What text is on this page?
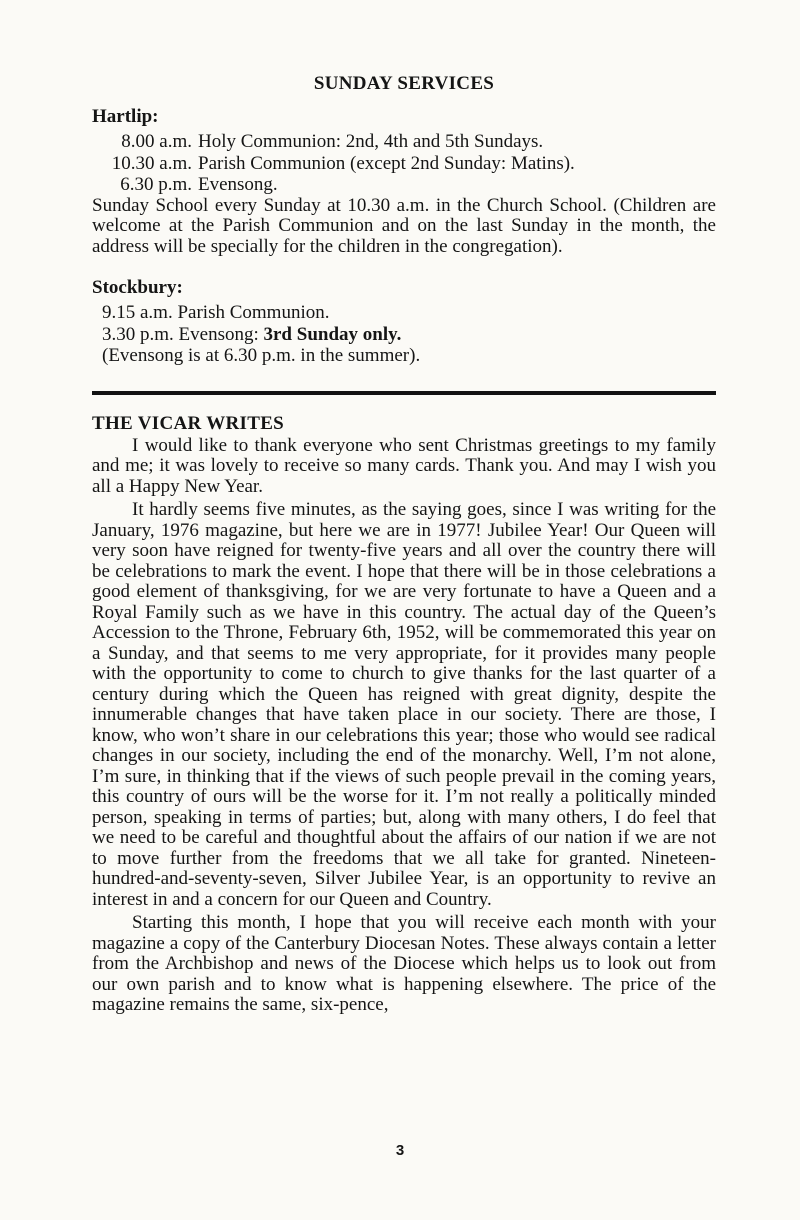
SUNDAY SERVICES
Hartlip:
8.00 a.m. Holy Communion: 2nd, 4th and 5th Sundays.
10.30 a.m. Parish Communion (except 2nd Sunday: Matins).
6.30 p.m. Evensong.

Sunday School every Sunday at 10.30 a.m. in the Church School. (Children are welcome at the Parish Communion and on the last Sunday in the month, the address will be specially for the children in the congregation).

Stockbury:
9.15 a.m. Parish Communion.
3.30 p.m. Evensong: 3rd Sunday only.
(Evensong is at 6.30 p.m. in the summer).
THE VICAR WRITES

I would like to thank everyone who sent Christmas greetings to my family and me; it was lovely to receive so many cards. Thank you. And may I wish you all a Happy New Year.

It hardly seems five minutes, as the saying goes, since I was writing for the January, 1976 magazine, but here we are in 1977! Jubilee Year! Our Queen will very soon have reigned for twenty-five years and all over the country there will be celebrations to mark the event. I hope that there will be in those celebrations a good element of thanksgiving, for we are very fortunate to have a Queen and a Royal Family such as we have in this country. The actual day of the Queen’s Accession to the Throne, February 6th, 1952, will be commemorated this year on a Sunday, and that seems to me very appropriate, for it provides many people with the opportunity to come to church to give thanks for the last quarter of a century during which the Queen has reigned with great dignity, despite the innumerable changes that have taken place in our society. There are those, I know, who won’t share in our celebrations this year; those who would see radical changes in our society, including the end of the monarchy. Well, I’m not alone, I’m sure, in thinking that if the views of such people prevail in the coming years, this country of ours will be the worse for it. I’m not really a politically minded person, speaking in terms of parties; but, along with many others, I do feel that we need to be careful and thoughtful about the affairs of our nation if we are not to move further from the freedoms that we all take for granted. Nineteen-hundred-and-seventy-seven, Silver Jubilee Year, is an opportunity to revive an interest in and a concern for our Queen and Country.

Starting this month, I hope that you will receive each month with your magazine a copy of the Canterbury Diocesan Notes. These always contain a letter from the Archbishop and news of the Diocese which helps us to look out from our own parish and to know what is happening elsewhere. The price of the magazine remains the same, six-pence,

3
